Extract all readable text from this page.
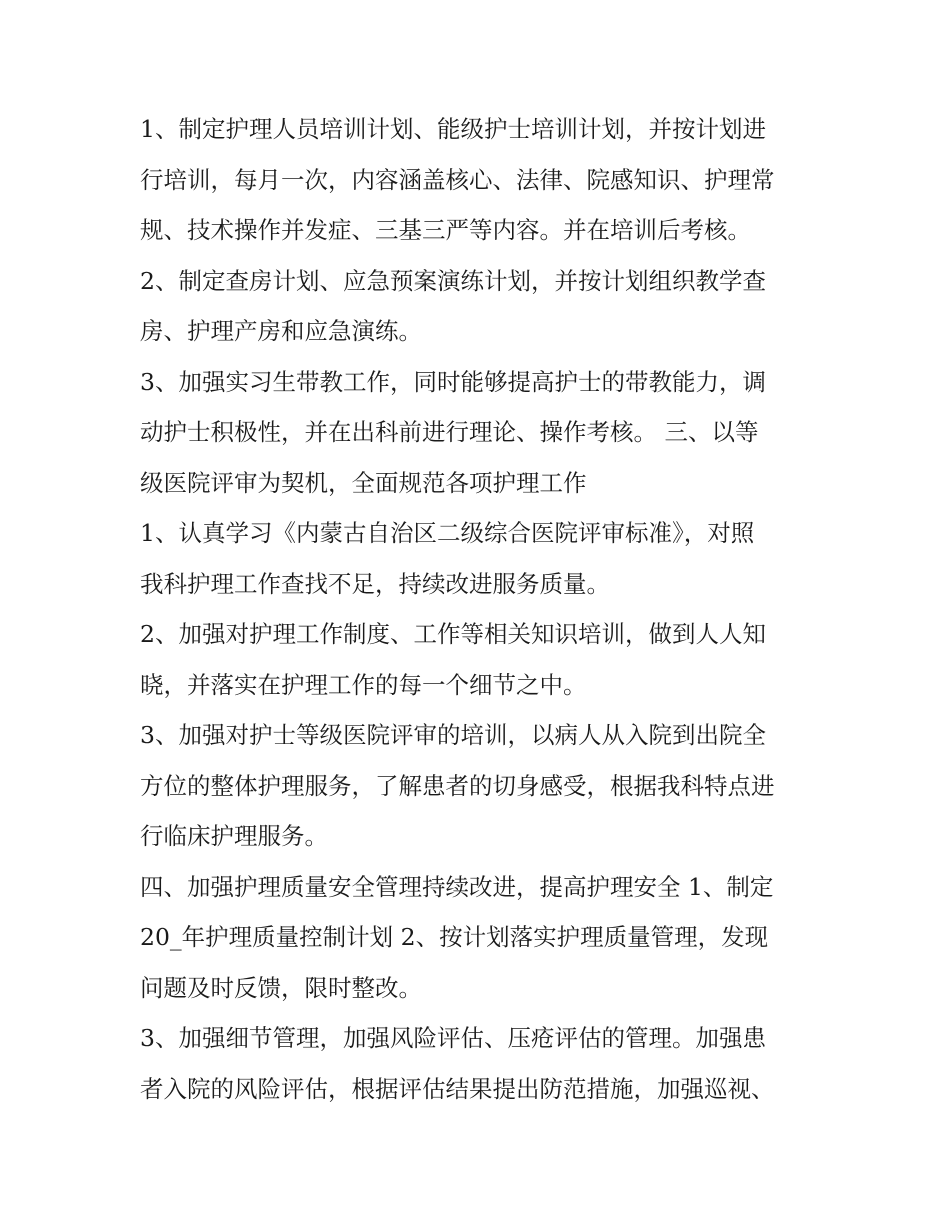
1、制定护理人员培训计划、能级护士培训计划，并按计划进
行培训，每月一次，内容涵盖核心、法律、院感知识、护理常
规、技术操作并发症、三基三严等内容。并在培训后考核。
2、制定查房计划、应急预案演练计划，并按计划组织教学查
房、护理产房和应急演练。
3、加强实习生带教工作，同时能够提高护士的带教能力，调
动护士积极性，并在出科前进行理论、操作考核。 三、以等
级医院评审为契机，全面规范各项护理工作
1、认真学习《内蒙古自治区二级综合医院评审标准》，对照
我科护理工作查找不足，持续改进服务质量。
2、加强对护理工作制度、工作等相关知识培训，做到人人知
晓，并落实在护理工作的每一个细节之中。
3、加强对护士等级医院评审的培训，以病人从入院到出院全
方位的整体护理服务，了解患者的切身感受，根据我科特点进
行临床护理服务。
四、加强护理质量安全管理持续改进，提高护理安全 1、制定
20_年护理质量控制计划 2、按计划落实护理质量管理，发现
问题及时反馈，限时整改。
3、加强细节管理，加强风险评估、压疮评估的管理。加强患
者入院的风险评估，根据评估结果提出防范措施，加强巡视、
